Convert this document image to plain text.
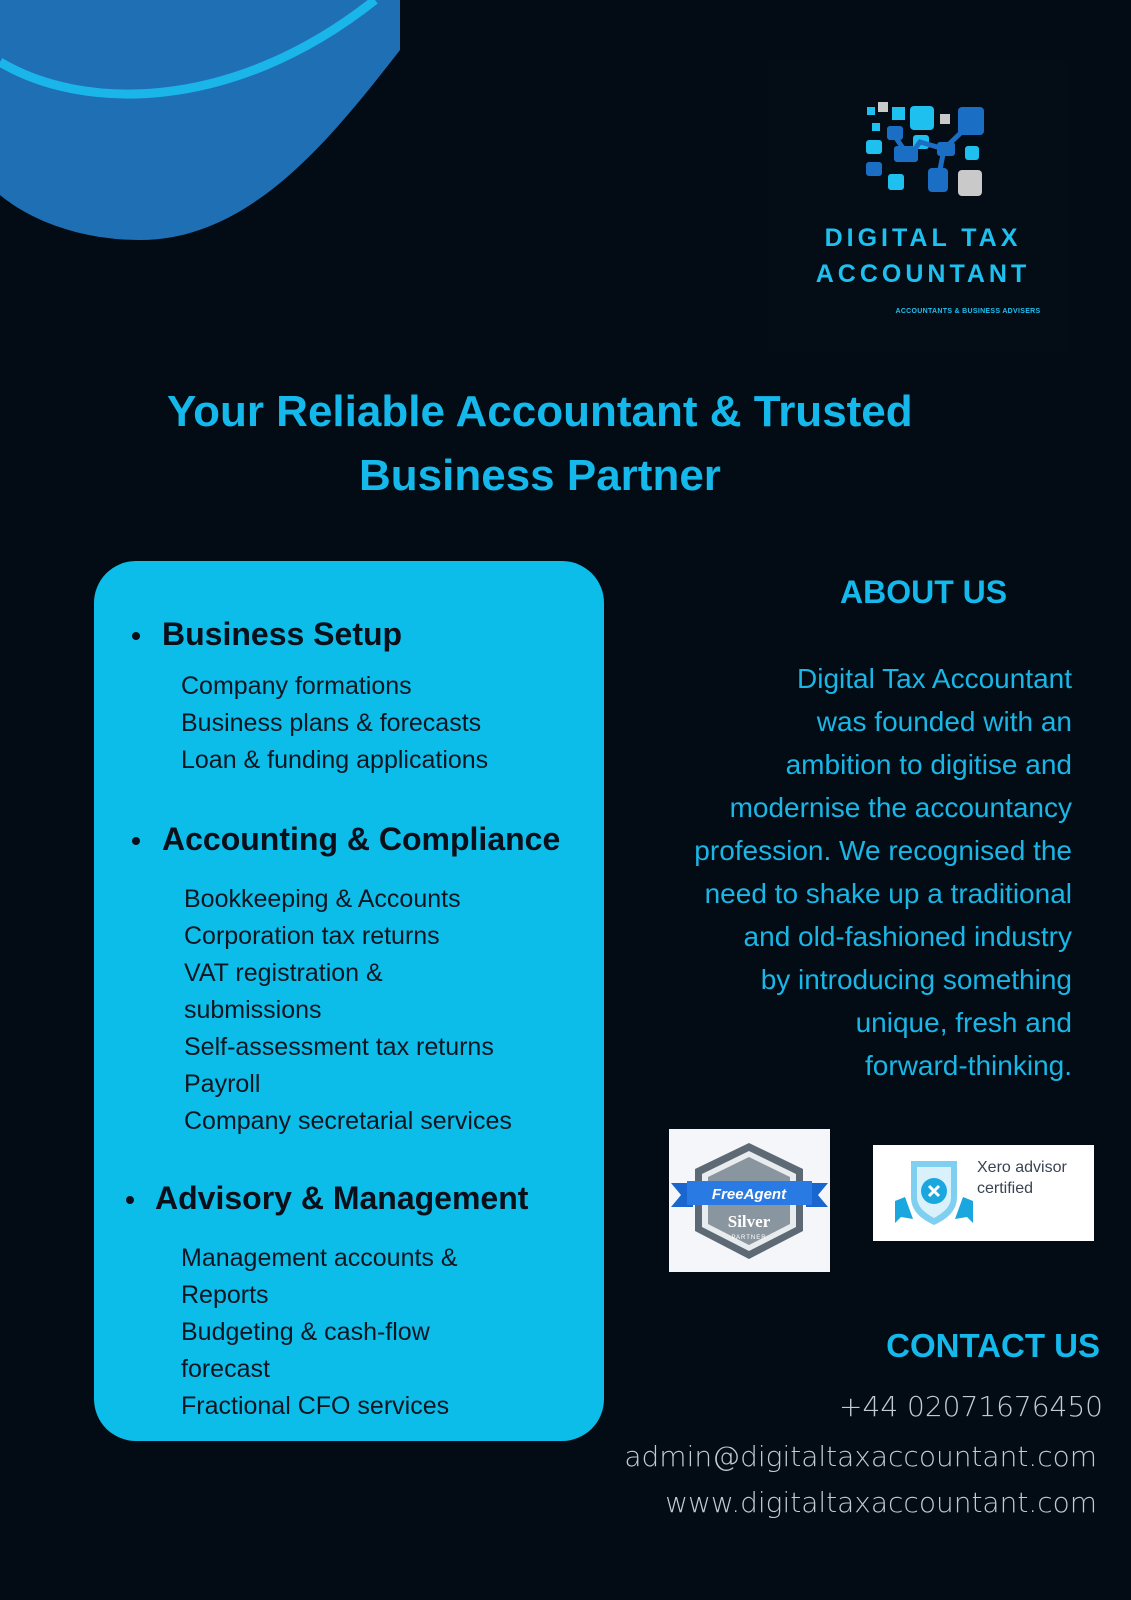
DIGITAL TAX
ACCOUNTANT
ACCOUNTANTS & BUSINESS ADVISERS
Your Reliable Accountant & Trusted
Business Partner
Business Setup
Company formations
Business plans & forecasts
Loan & funding applications
Accounting & Compliance
Bookkeeping & Accounts
Corporation tax returns
VAT registration &
submissions
Self-assessment tax returns
Payroll
Company secretarial services
Advisory & Management
Management accounts &
Reports
Budgeting & cash-flow
forecast
Fractional CFO services
ABOUT US
Digital Tax Accountant
was founded with an
ambition to digitise and
modernise the accountancy
profession. We recognised the
need to shake up a traditional
and old-fashioned industry
by introducing something
unique, fresh and
forward-thinking.
FreeAgent
Silver
PARTNER
Xero advisor
certified
CONTACT US
+44 02071676450
admin@digitaltaxaccountant.com
www.digitaltaxaccountant.com
